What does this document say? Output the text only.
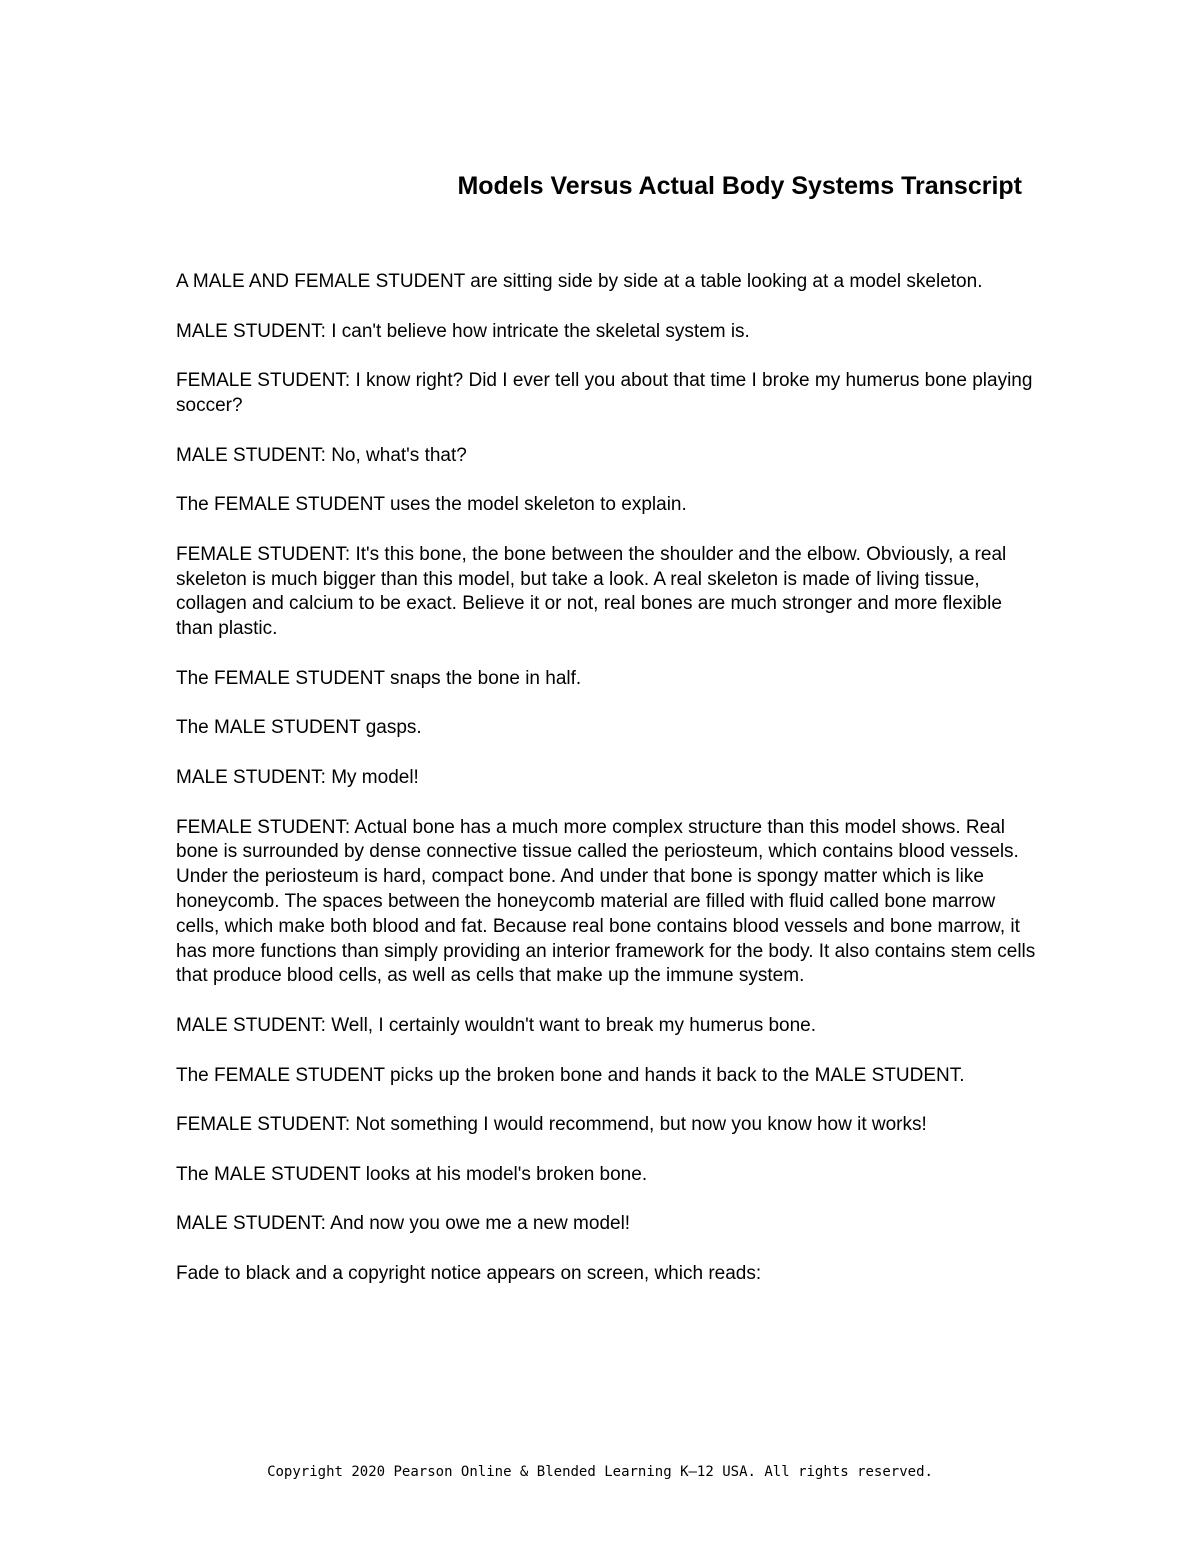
Models Versus Actual Body Systems Transcript

A MALE AND FEMALE STUDENT are sitting side by side at a table looking at a model skeleton.

MALE STUDENT: I can't believe how intricate the skeletal system is.

FEMALE STUDENT: I know right? Did I ever tell you about that time I broke my humerus bone playing soccer?

MALE STUDENT: No, what's that?

The FEMALE STUDENT uses the model skeleton to explain.

FEMALE STUDENT: It's this bone, the bone between the shoulder and the elbow. Obviously, a real skeleton is much bigger than this model, but take a look. A real skeleton is made of living tissue, collagen and calcium to be exact. Believe it or not, real bones are much stronger and more flexible than plastic.

The FEMALE STUDENT snaps the bone in half.

The MALE STUDENT gasps.

MALE STUDENT: My model!

FEMALE STUDENT: Actual bone has a much more complex structure than this model shows. Real bone is surrounded by dense connective tissue called the periosteum, which contains blood vessels. Under the periosteum is hard, compact bone. And under that bone is spongy matter which is like honeycomb. The spaces between the honeycomb material are filled with fluid called bone marrow cells, which make both blood and fat. Because real bone contains blood vessels and bone marrow, it has more functions than simply providing an interior framework for the body. It also contains stem cells that produce blood cells, as well as cells that make up the immune system.

MALE STUDENT: Well, I certainly wouldn't want to break my humerus bone.

The FEMALE STUDENT picks up the broken bone and hands it back to the MALE STUDENT.

FEMALE STUDENT: Not something I would recommend, but now you know how it works!

The MALE STUDENT looks at his model's broken bone.

MALE STUDENT: And now you owe me a new model!

Fade to black and a copyright notice appears on screen, which reads:

Copyright 2020 Pearson Online & Blended Learning K–12 USA. All rights reserved.
